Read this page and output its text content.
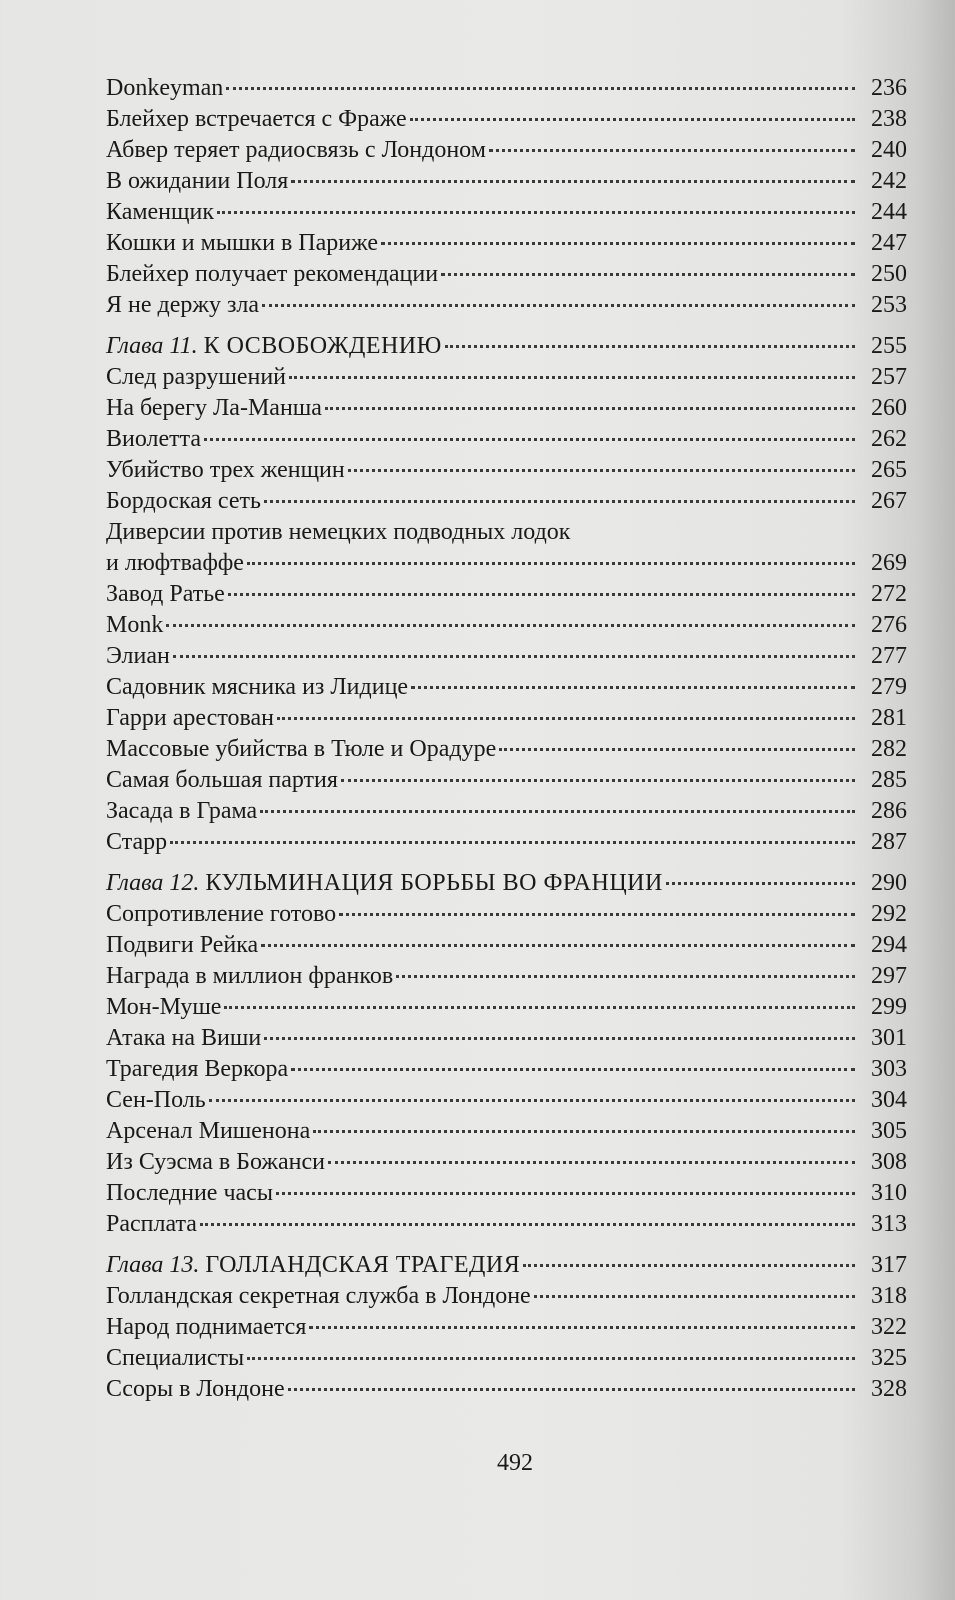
Donkeyman	236
Блейхер встречается с Фраже	238
Абвер теряет радиосвязь с Лондоном	240
В ожидании Поля	242
Каменщик	244
Кошки и мышки в Париже	247
Блейхер получает рекомендации	250
Я не держу зла	253
Глава 11. К ОСВОБОЖДЕНИЮ	255
След разрушений	257
На берегу Ла-Манша	260
Виолетта	262
Убийство трех женщин	265
Бордоская сеть	267
Диверсии против немецких подводных лодок
и люфтваффе	269
Завод Ратье	272
Monk	276
Элиан	277
Садовник мясника из Лидице	279
Гарри арестован	281
Массовые убийства в Тюле и Орадуре	282
Самая большая партия	285
Засада в Грама	286
Старр	287
Глава 12. КУЛЬМИНАЦИЯ БОРЬБЫ ВО ФРАНЦИИ	290
Сопротивление готово	292
Подвиги Рейка	294
Награда в миллион франков	297
Мон-Муше	299
Атака на Виши	301
Трагедия Веркора	303
Сен-Поль	304
Арсенал Мишенона	305
Из Суэсма в Божанси	308
Последние часы	310
Расплата	313
Глава 13. ГОЛЛАНДСКАЯ ТРАГЕДИЯ	317
Голландская секретная служба в Лондоне	318
Народ поднимается	322
Специалисты	325
Ссоры в Лондоне	328
492
